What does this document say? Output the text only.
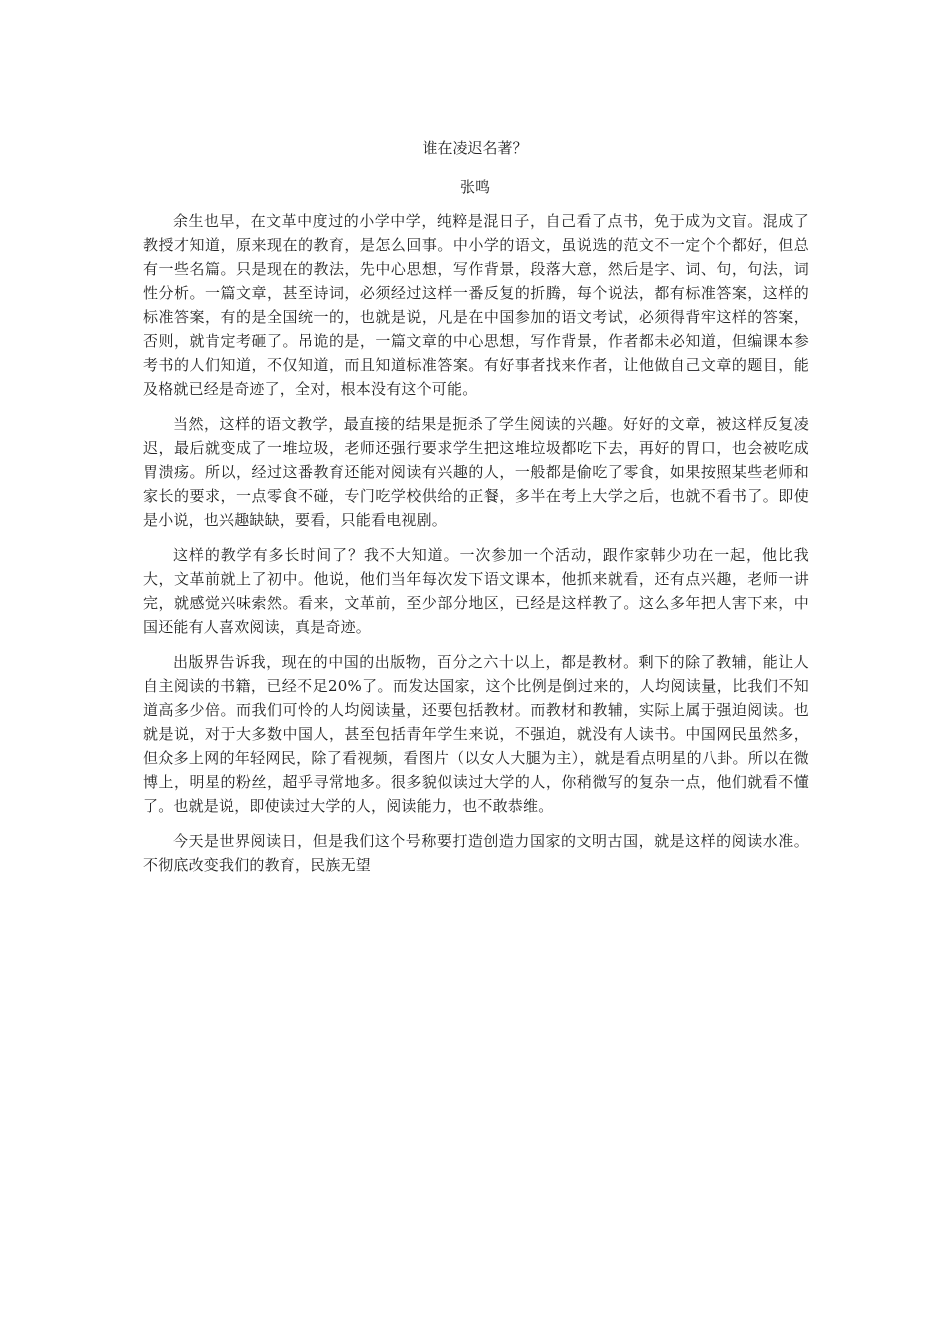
谁在凌迟名著？
张鸣

余生也早，在文革中度过的小学中学，纯粹是混日子，自己看了点书，免于成为文盲。混成了教授才知道，原来现在的教育，是怎么回事。中小学的语文，虽说选的范文不一定个个都好，但总有一些名篇。只是现在的教法，先中心思想，写作背景，段落大意，然后是字、词、句，句法，词性分析。一篇文章，甚至诗词，必须经过这样一番反复的折腾，每个说法，都有标准答案，这样的标准答案，有的是全国统一的，也就是说，凡是在中国参加的语文考试，必须得背牢这样的答案，否则，就肯定考砸了。吊诡的是，一篇文章的中心思想，写作背景，作者都未必知道，但编课本参考书的人们知道，不仅知道，而且知道标准答案。有好事者找来作者，让他做自己文章的题目，能及格就已经是奇迹了，全对，根本没有这个可能。

当然，这样的语文教学，最直接的结果是扼杀了学生阅读的兴趣。好好的文章，被这样反复凌迟，最后就变成了一堆垃圾，老师还强行要求学生把这堆垃圾都吃下去，再好的胃口，也会被吃成胃溃疡。所以，经过这番教育还能对阅读有兴趣的人，一般都是偷吃了零食，如果按照某些老师和家长的要求，一点零食不碰，专门吃学校供给的正餐，多半在考上大学之后，也就不看书了。即使是小说，也兴趣缺缺，要看，只能看电视剧。

这样的教学有多长时间了？我不大知道。一次参加一个活动，跟作家韩少功在一起，他比我大，文革前就上了初中。他说，他们当年每次发下语文课本，他抓来就看，还有点兴趣，老师一讲完，就感觉兴味索然。看来，文革前，至少部分地区，已经是这样教了。这么多年把人害下来，中国还能有人喜欢阅读，真是奇迹。

出版界告诉我，现在的中国的出版物，百分之六十以上，都是教材。剩下的除了教辅，能让人自主阅读的书籍，已经不足20%了。而发达国家，这个比例是倒过来的，人均阅读量，比我们不知道高多少倍。而我们可怜的人均阅读量，还要包括教材。而教材和教辅，实际上属于强迫阅读。也就是说，对于大多数中国人，甚至包括青年学生来说，不强迫，就没有人读书。中国网民虽然多，但众多上网的年轻网民，除了看视频，看图片（以女人大腿为主），就是看点明星的八卦。所以在微博上，明星的粉丝，超乎寻常地多。很多貌似读过大学的人，你稍微写的复杂一点，他们就看不懂了。也就是说，即使读过大学的人，阅读能力，也不敢恭维。

今天是世界阅读日，但是我们这个号称要打造创造力国家的文明古国，就是这样的阅读水准。不彻底改变我们的教育，民族无望
